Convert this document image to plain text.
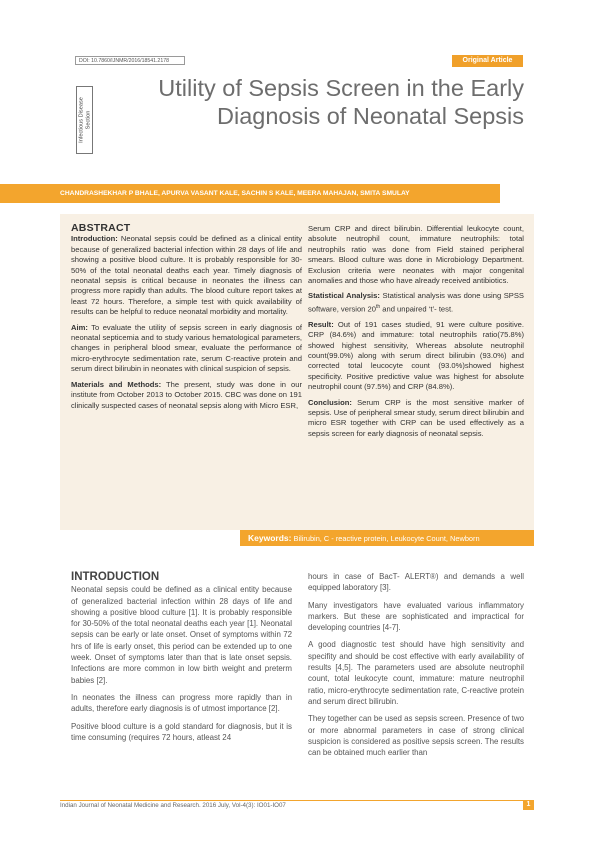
DOI: 10.7860/IJNMR/2016/18541.2178	Original Article
Infectious Disease
Section
Utility of Sepsis Screen in the Early
Diagnosis of Neonatal Sepsis
CHANDRASHEKHAR P BHALE, APURVA VASANT KALE, SACHIN S KALE, MEERA MAHAJAN, SMITA SMULAY

ABSTRACT

Introduction: Neonatal sepsis could be defined as a clinical entity because of generalized bacterial infection within 28 days of life and showing a positive blood culture. It is probably responsible for 30-50% of the total neonatal deaths each year. Timely diagnosis of neonatal sepsis is critical because in neonates the illness can progress more rapidly than adults. The blood culture report takes at least 72 hours. Therefore, a simple test with quick availability of results can be helpful to reduce neonatal morbidity and mortality.

Aim: To evaluate the utility of sepsis screen in early diagnosis of neonatal septicemia and to study various hematological parameters, changes in peripheral blood smear, evaluate the performance of micro-erythrocyte sedimentation rate, serum C-reactive protein and serum direct bilirubin in neonates with clinical suspicion of sepsis.

Materials and Methods: The present, study was done in our institute from October 2013 to October 2015. CBC was done on 191 clinically suspected cases of neonatal sepsis along with Micro ESR,

Serum CRP and direct bilirubin. Differential leukocyte count, absolute neutrophil count, immature neutrophils: total neutrophils ratio was done from Field stained peripheral smears. Blood culture was done in Microbiology Department. Exclusion criteria were neonates with major congenital anomalies and those who have already received antibiotics.

Statistical Analysis: Statistical analysis was done using SPSS software, version 20th and unpaired ‘t’- test.

Result: Out of 191 cases studied, 91 were culture positive. CRP (84.6%) and immature: total neutrophils ratio(75.8%) showed highest sensitivity, Whereas absolute neutrophil count(99.0%) along with serum direct bilirubin (93.0%) and corrected total leucocyte count (93.0%)showed highest specificity. Positive predictive value was highest for absolute neutrophil count (97.5%) and CRP (84.8%).

Conclusion: Serum CRP is the most sensitive marker of sepsis. Use of peripheral smear study, serum direct bilirubin and micro ESR together with CRP can be used effectively as a sepsis screen for early diagnosis of neonatal sepsis.

Keywords: Bilirubin, C - reactive protein, Leukocyte Count, Newborn

INTRODUCTION

Neonatal sepsis could be defined as a clinical entity because of generalized bacterial infection within 28 days of life and showing a positive blood culture [1]. It is probably responsible for 30-50% of the total neonatal deaths each year [1]. Neonatal sepsis can be early or late onset. Onset of symptoms within 72 hrs of life is early onset, this period can be extended up to one week. Onset of symptoms later than that is late onset sepsis. Infections are more common in low birth weight and preterm babies [2].

In neonates the illness can progress more rapidly than in adults, therefore early diagnosis is of utmost importance [2].

Positive blood culture is a gold standard for diagnosis, but it is time consuming (requires 72 hours, atleast 24

hours in case of BacT- ALERT®) and demands a well equipped laboratory [3].

Many investigators have evaluated various inflammatory markers. But these are sophisticated and impractical for developing countries [4-7].

A good diagnostic test should have high sensitivity and specifity and should be cost effective with early availability of results [4,5]. The parameters used are absolute neutrophil count, total leukocyte count, immature: mature neutrophil ratio, micro-erythrocyte sedimentation rate, C-reactive protein and serum direct bilirubin.

They together can be used as sepsis screen. Presence of two or more abnormal parameters in case of strong clinical suspicion is considered as positive sepsis screen. The results can be obtained much earlier than

Indian Journal of Neonatal Medicine and Research. 2016 July, Vol-4(3): IO01-IO07	1
